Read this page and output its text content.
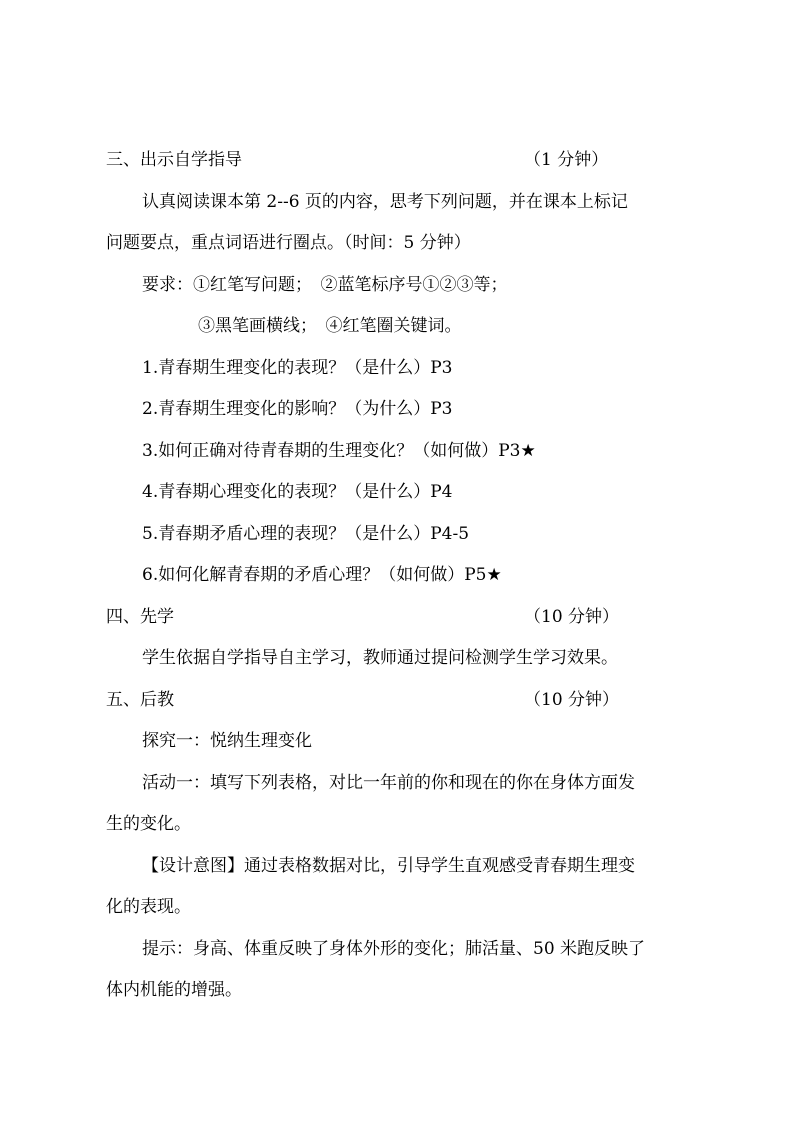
三、出示自学指导	（1 分钟）
认真阅读课本第 2--6 页的内容，思考下列问题，并在课本上标记
问题要点，重点词语进行圈点。（时间：5 分钟）
要求：①红笔写问题；　②蓝笔标序号①②③等；
③黑笔画横线；　④红笔圈关键词。
1.青春期生理变化的表现？（是什么）P3
2.青春期生理变化的影响？（为什么）P3
3.如何正确对待青春期的生理变化？（如何做）P3★
4.青春期心理变化的表现？（是什么）P4
5.青春期矛盾心理的表现？（是什么）P4-5
6.如何化解青春期的矛盾心理？（如何做）P5★
四、先学	（10 分钟）
学生依据自学指导自主学习，教师通过提问检测学生学习效果。
五、后教	（10 分钟）
探究一：悦纳生理变化
活动一：填写下列表格，对比一年前的你和现在的你在身体方面发
生的变化。
【设计意图】通过表格数据对比，引导学生直观感受青春期生理变
化的表现。
提示：身高、体重反映了身体外形的变化；肺活量、50 米跑反映了
体内机能的增强。
